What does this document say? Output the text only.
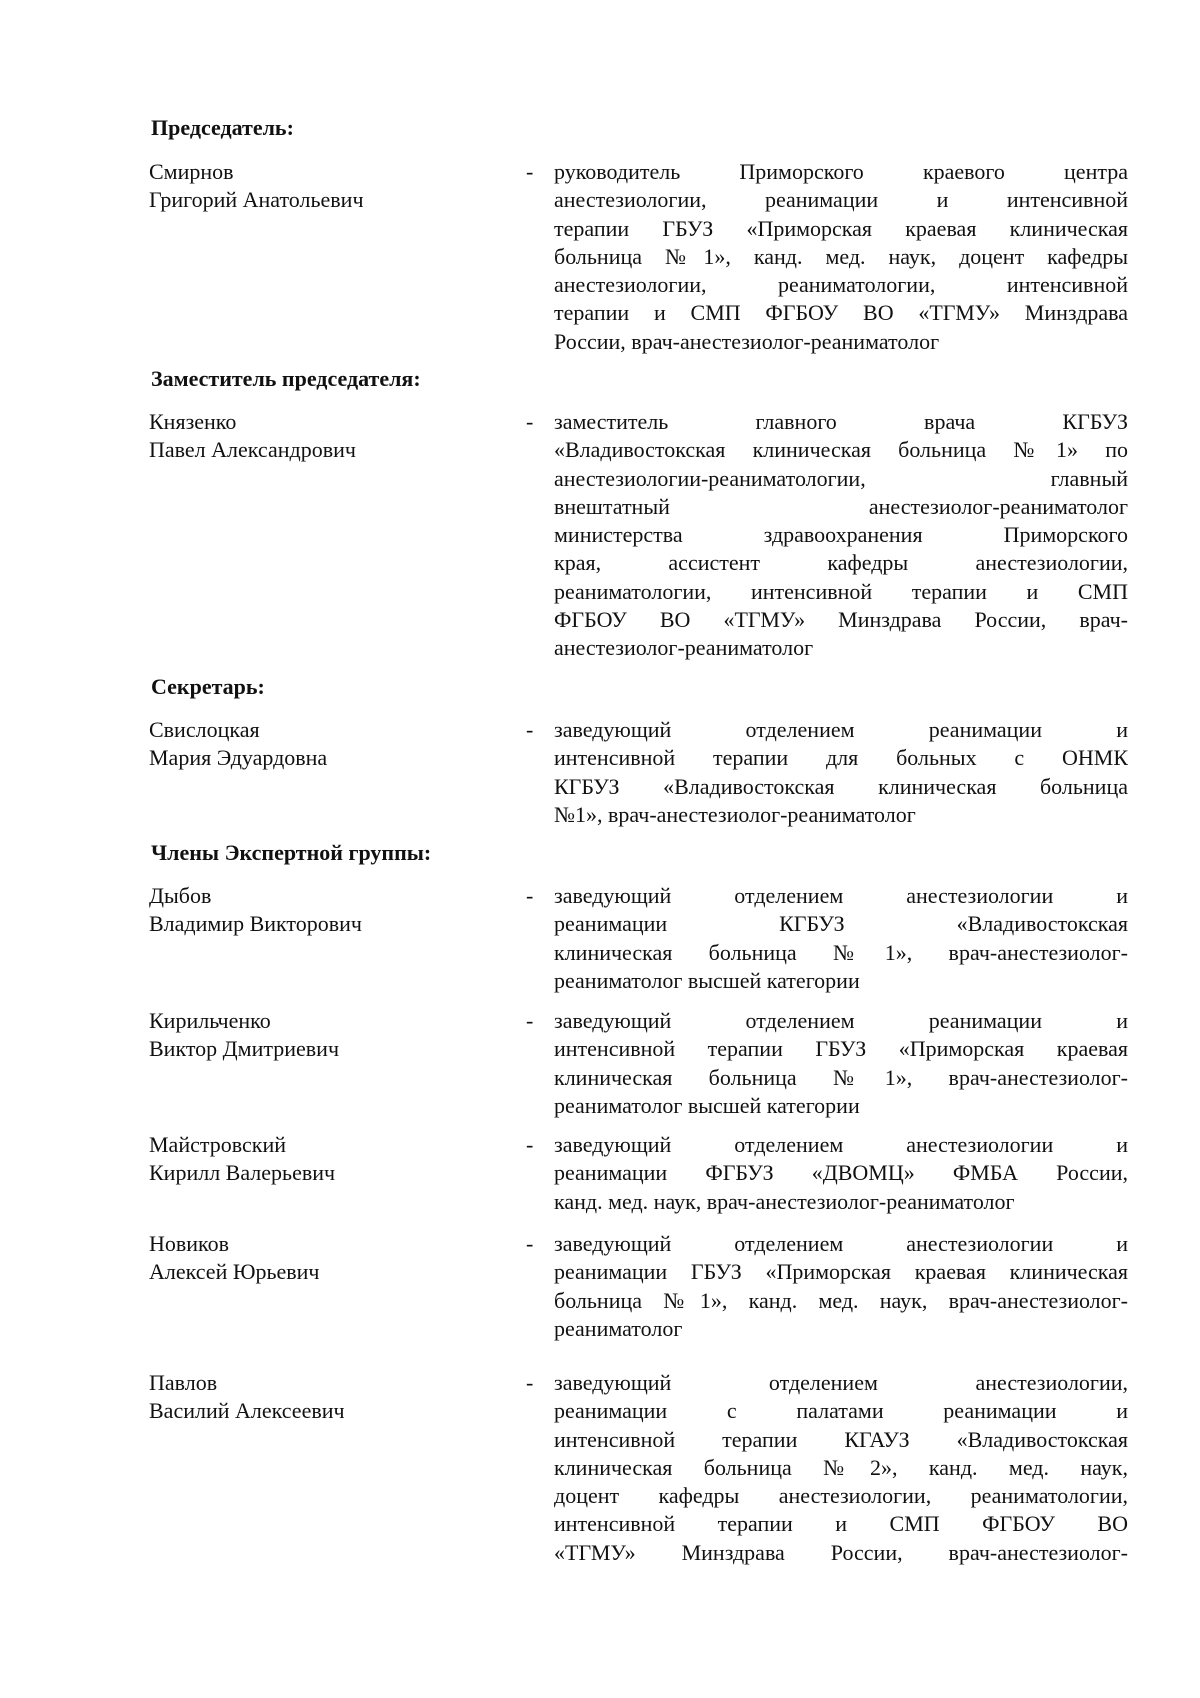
Председатель:
Смирнов
Григорий Анатольевич
- руководитель Приморского краевого центра
анестезиологии, реанимации и интенсивной
терапии ГБУЗ «Приморская краевая клиническая
больница №1», канд. мед. наук, доцент кафедры
анестезиологии, реаниматологии, интенсивной
терапии и СМП ФГБОУ ВО «ТГМУ» Минздрава
России, врач-анестезиолог-реаниматолог
Заместитель председателя:
Князенко
Павел Александрович
- заместитель главного врача КГБУЗ
«Владивостокская клиническая больница №1» по
анестезиологии-реаниматологии, главный
внештатный анестезиолог-реаниматолог
министерства здравоохранения Приморского
края, ассистент кафедры анестезиологии,
реаниматологии, интенсивной терапии и СМП
ФГБОУ ВО «ТГМУ» Минздрава России, врач-
анестезиолог-реаниматолог
Секретарь:
Свислоцкая
Мария Эдуардовна
- заведующий отделением реанимации и
интенсивной терапии для больных с ОНМК
КГБУЗ «Владивостокская клиническая больница
№1», врач-анестезиолог-реаниматолог
Члены Экспертной группы:
Дыбов
Владимир Викторович
- заведующий отделением анестезиологии и
реанимации КГБУЗ «Владивостокская
клиническая больница №1», врач-анестезиолог-
реаниматолог высшей категории
Кирильченко
Виктор Дмитриевич
- заведующий отделением реанимации и
интенсивной терапии ГБУЗ «Приморская краевая
клиническая больница №1», врач-анестезиолог-
реаниматолог высшей категории
Майстровский
Кирилл Валерьевич
- заведующий отделением анестезиологии и
реанимации ФГБУЗ «ДВОМЦ» ФМБА России,
канд. мед. наук, врач-анестезиолог-реаниматолог
Новиков
Алексей Юрьевич
- заведующий отделением анестезиологии и
реанимации ГБУЗ «Приморская краевая клиническая
больница №1», канд. мед. наук, врач-анестезиолог-
реаниматолог
Павлов
Василий Алексеевич
- заведующий отделением анестезиологии,
реанимации с палатами реанимации и
интенсивной терапии КГАУЗ «Владивостокская
клиническая больница №2», канд. мед. наук,
доцент кафедры анестезиологии, реаниматологии,
интенсивной терапии и СМП ФГБОУ ВО
«ТГМУ» Минздрава России, врач-анестезиолог-
